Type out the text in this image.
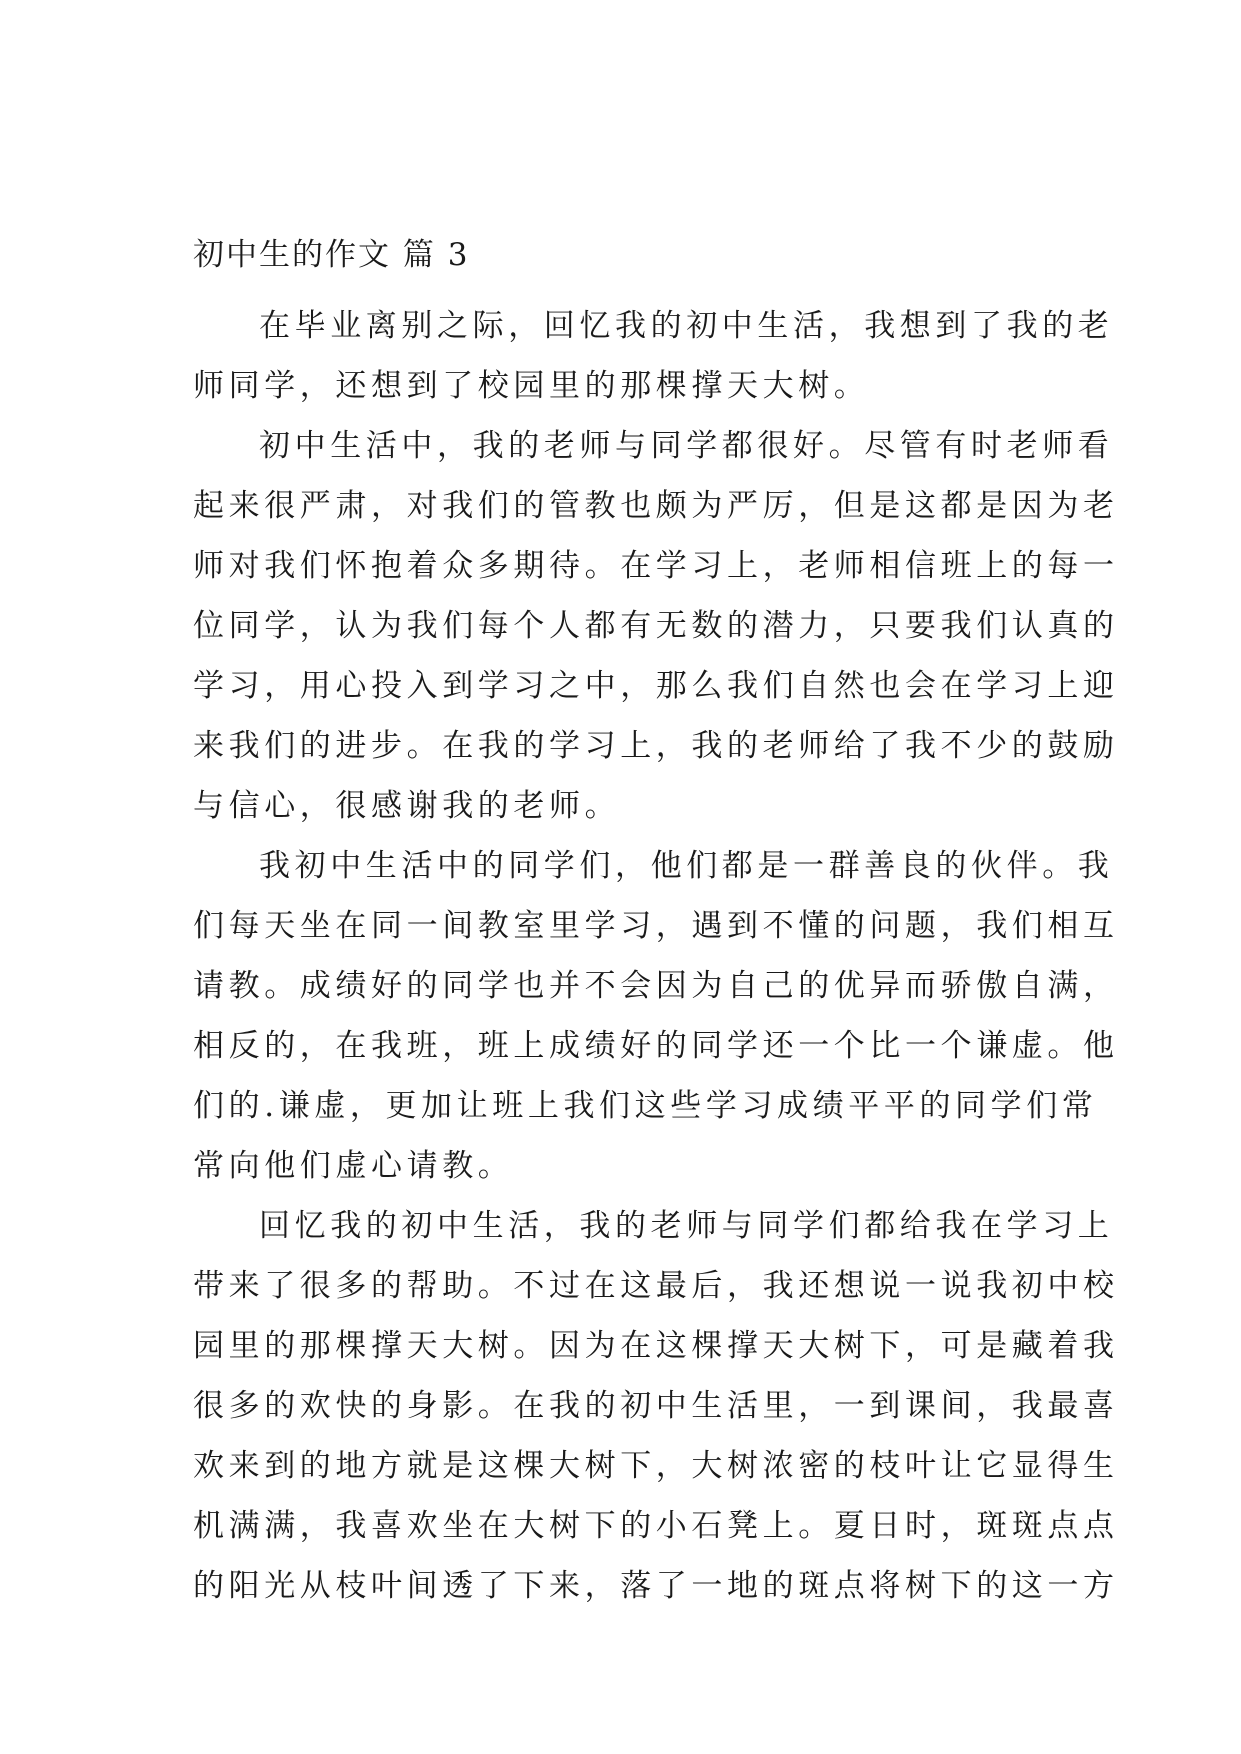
初中生的作文 篇 3
在毕业离别之际，回忆我的初中生活，我想到了我的老
师同学，还想到了校园里的那棵撑天大树。
初中生活中，我的老师与同学都很好。尽管有时老师看
起来很严肃，对我们的管教也颇为严厉，但是这都是因为老
师对我们怀抱着众多期待。在学习上，老师相信班上的每一
位同学，认为我们每个人都有无数的潜力，只要我们认真的
学习，用心投入到学习之中，那么我们自然也会在学习上迎
来我们的进步。在我的学习上，我的老师给了我不少的鼓励
与信心，很感谢我的老师。
我初中生活中的同学们，他们都是一群善良的伙伴。我
们每天坐在同一间教室里学习，遇到不懂的问题，我们相互
请教。成绩好的同学也并不会因为自己的优异而骄傲自满，
相反的，在我班，班上成绩好的同学还一个比一个谦虚。他
们的.谦虚，更加让班上我们这些学习成绩平平的同学们常
常向他们虚心请教。
回忆我的初中生活，我的老师与同学们都给我在学习上
带来了很多的帮助。不过在这最后，我还想说一说我初中校
园里的那棵撑天大树。因为在这棵撑天大树下，可是藏着我
很多的欢快的身影。在我的初中生活里，一到课间，我最喜
欢来到的地方就是这棵大树下，大树浓密的枝叶让它显得生
机满满，我喜欢坐在大树下的小石凳上。夏日时，斑斑点点
的阳光从枝叶间透了下来，落了一地的斑点将树下的这一方
